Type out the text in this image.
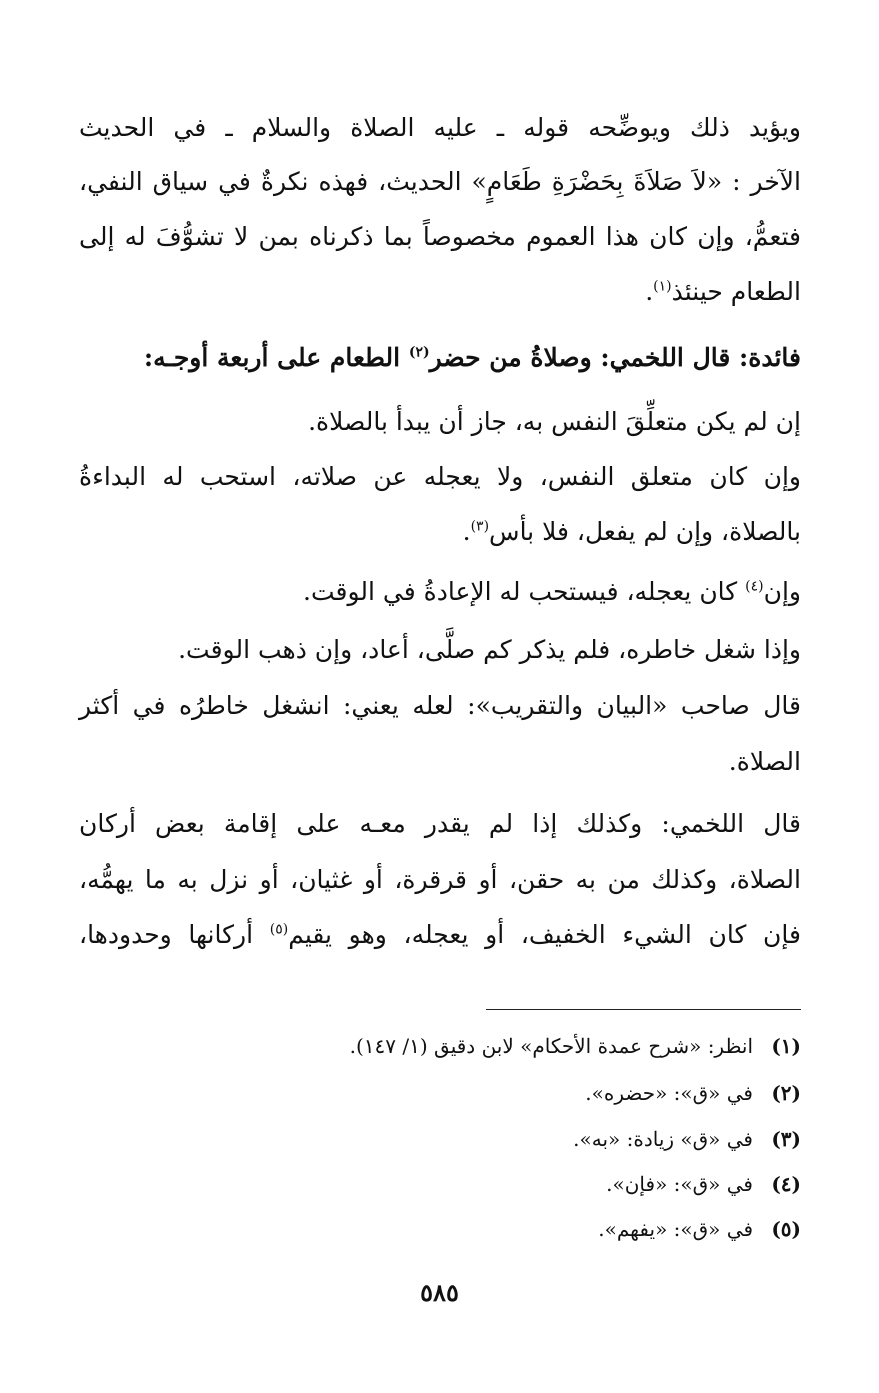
ويؤيد ذلك ويوضِّحه قوله ـ عليه الصلاة والسلام ـ في الحديث
الآخر : «لاَ صَلاَةَ بِحَضْرَةِ طَعَامٍ» الحديث، فهذه نكرةٌ في سياق النفي،
فتعمُّ، وإن كان هذا العموم مخصوصاً بما ذكرناه بمن لا تشوُّفَ له إلى
الطعام حينئذ$^{(١)}$.
فائدة: قال اللخمي: وصلاةُ من حضر$^{(٢)}$ الطعام على أربعة أوجـه:
إن لم يكن متعلِّقَ النفس به، جاز أن يبدأ بالصلاة.
وإن كان متعلق النفس، ولا يعجله عن صلاته، استحب له البداءةُ
بالصلاة، وإن لم يفعل، فلا بأس$^{(٣)}$.
وإن$^{(٤)}$ كان يعجله، فيستحب له الإعادةُ في الوقت.
وإذا شغل خاطره، فلم يذكر كم صلَّى، أعاد، وإن ذهب الوقت.
قال صاحب «البيان والتقريب»: لعله يعني: انشغل خاطرُه في أكثر
الصلاة.
قال اللخمي: وكذلك إذا لم يقدر معـه على إقامة بعض أركان
الصلاة، وكذلك من به حقن، أو قرقرة، أو غثيان، أو نزل به ما يهمُّه،
فإن كان الشيء الخفيف، أو يعجله، وهو يقيم$^{(٥)}$ أركانها وحدودها،
(١)انظر: «شرح عمدة الأحكام» لابن دقيق (١/ ١٤٧).
(٢)في «ق»: «حضره».
(٣)في «ق» زيادة: «به».
(٤)في «ق»: «فإن».
(٥)في «ق»: «يفهم».
٥٨٥
